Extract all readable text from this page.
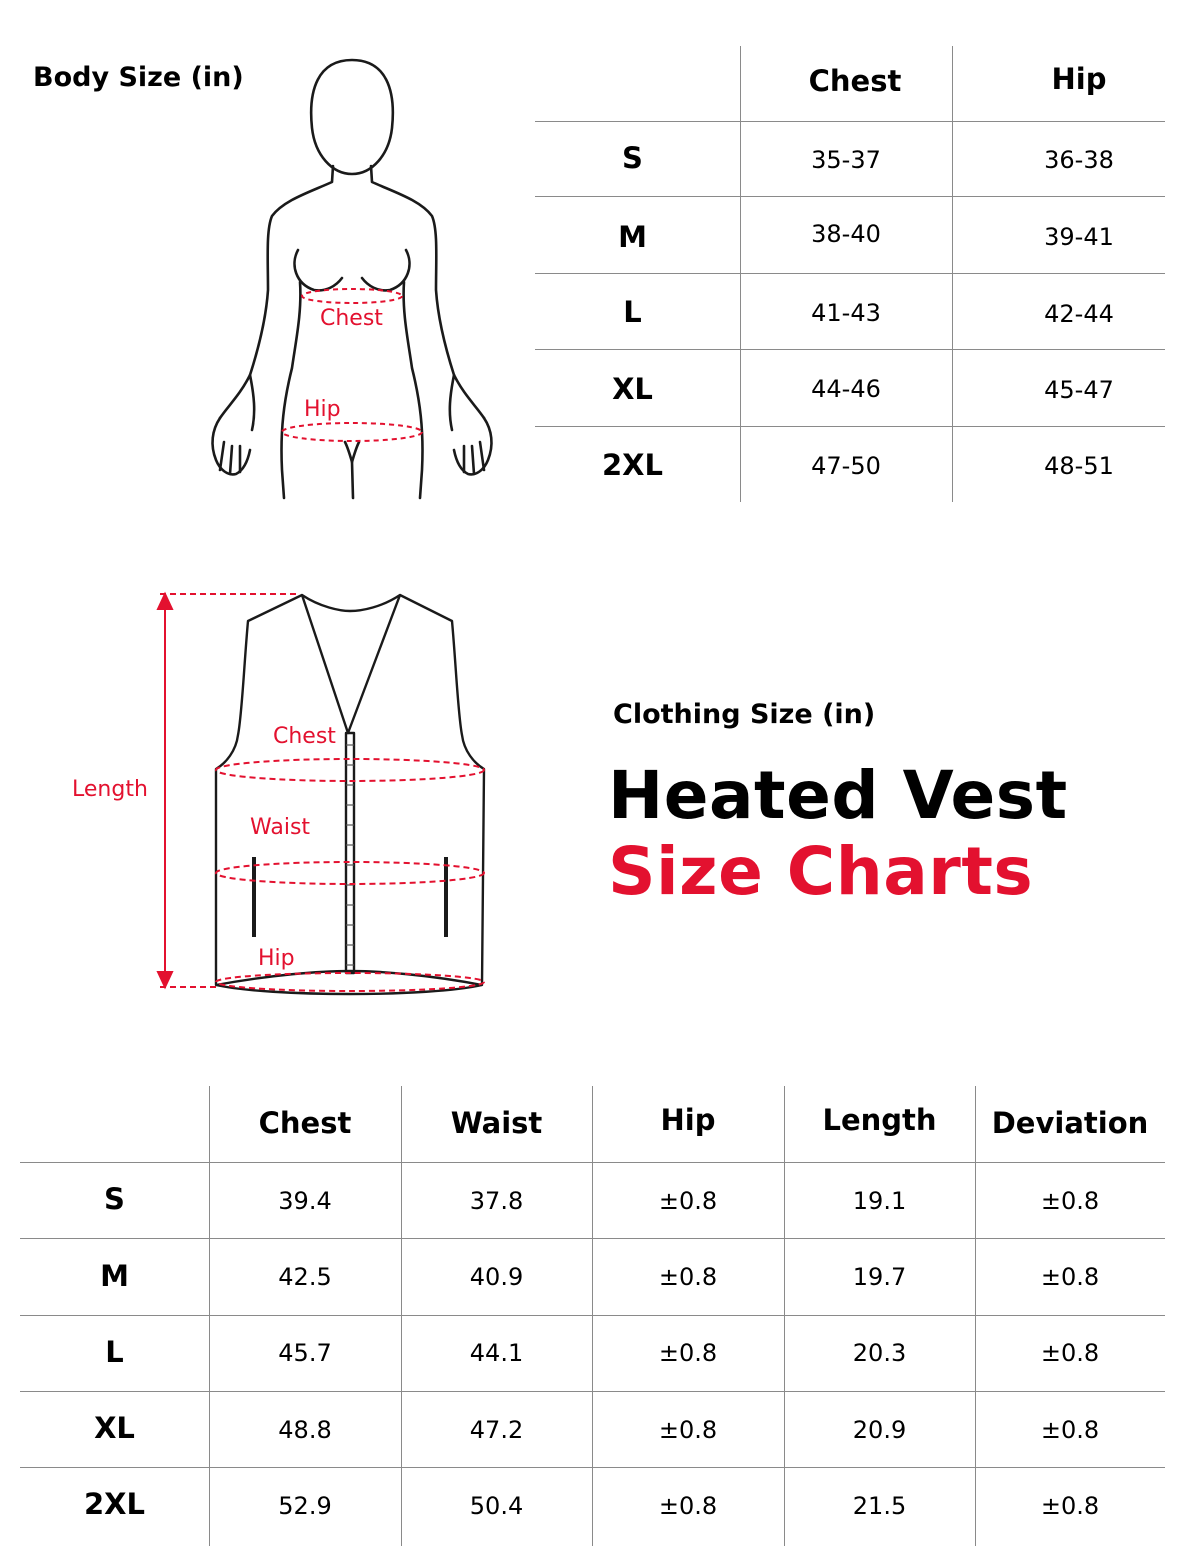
Body Size (in)
Chest
Hip
Chest	Hip
S	35-37	36-38
M	38-40	39-41
L	41-43	42-44
XL	44-46	45-47
2XL	47-50	48-51
Length
Chest
Waist
Hip
Clothing Size (in)
Heated Vest
Size Charts
Chest	Waist	Hip	Length	Deviation
S	39.4	37.8	±0.8	19.1	±0.8
M	42.5	40.9	±0.8	19.7	±0.8
L	45.7	44.1	±0.8	20.3	±0.8
XL	48.8	47.2	±0.8	20.9	±0.8
2XL	52.9	50.4	±0.8	21.5	±0.8
